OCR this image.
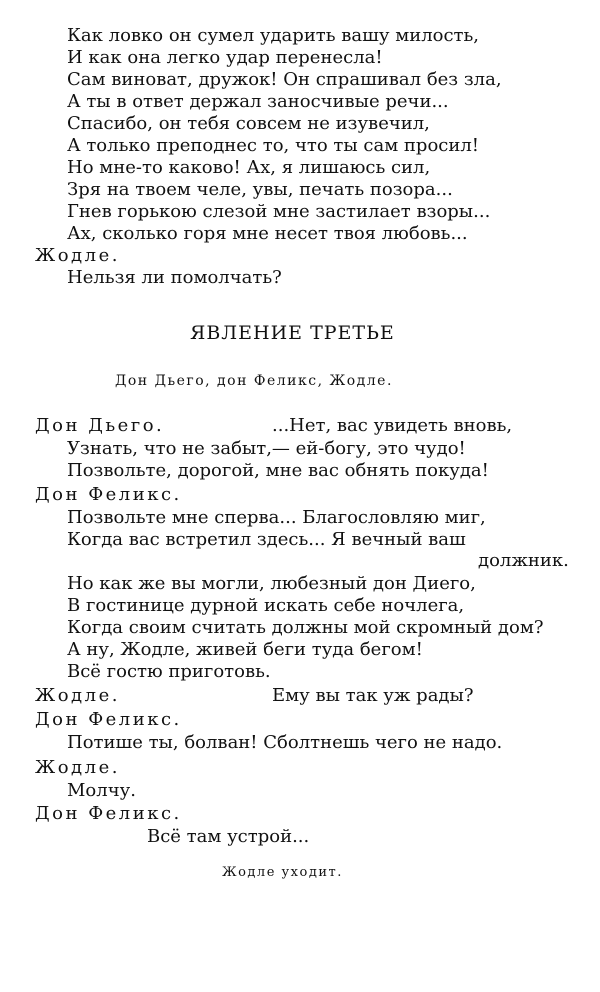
Как ловко он сумел ударить вашу милость,

И как она легко удар перенесла!

Сам виноват, дружок! Он спрашивал без зла,

А ты в ответ держал заносчивые речи...

Спасибо, он тебя совсем не изувечил,

А только преподнес то, что ты сам просил!

Но мне-то каково! Ах, я лишаюсь сил,

Зря на твоем челе, увы, печать позора...

Гнев горькою слезой мне застилает взоры...

Ах, сколько горя мне несет твоя любовь...

Жодле.

Нельзя ли помолчать?

ЯВЛЕНИЕ ТРЕТЬЕ

Дон Дьего, дон Феликс, Жодле.

Дон Дьего.	...Нет, вас увидеть вновь,

Узнать, что не забыт,— ей-богу, это чудо!

Позвольте, дорогой, мне вас обнять покуда!

Дон Феликс.

Позвольте мне сперва... Благословляю миг,

Когда вас встретил здесь... Я вечный ваш

должник.

Но как же вы могли, любезный дон Диего,

В гостинице дурной искать себе ночлега,

Когда своим считать должны мой скромный дом?

А ну, Жодле, живей беги туда бегом!

Всё гостю приготовь.

Жодле.	Ему вы так уж рады?

Дон Феликс.

Потише ты, болван! Сболтнешь чего не надо.

Жодле.

Молчу.

Дон Феликс.

Всё там устрой...

Жодле уходит.
